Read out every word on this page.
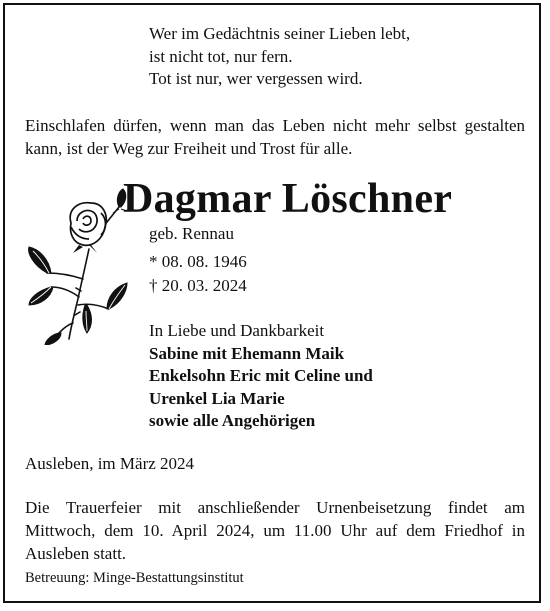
Wer im Gedächtnis seiner Lieben lebt,
ist nicht tot, nur fern.
Tot ist nur, wer vergessen wird.
Einschlafen dürfen, wenn man das Leben nicht mehr selbst gestalten kann, ist der Weg zur Freiheit und Trost für alle.
Dagmar Löschner
geb. Rennau
* 08. 08. 1946
† 20. 03. 2024
In Liebe und Dankbarkeit
Sabine mit Ehemann Maik
Enkelsohn Eric mit Celine und
Urenkel Lia Marie
sowie alle Angehörigen
Ausleben, im März 2024
Die Trauerfeier mit anschließender Urnenbeisetzung findet am Mittwoch, dem 10. April 2024, um 11.00 Uhr auf dem Friedhof in Ausleben statt.
Betreuung: Minge-Bestattungsinstitut
